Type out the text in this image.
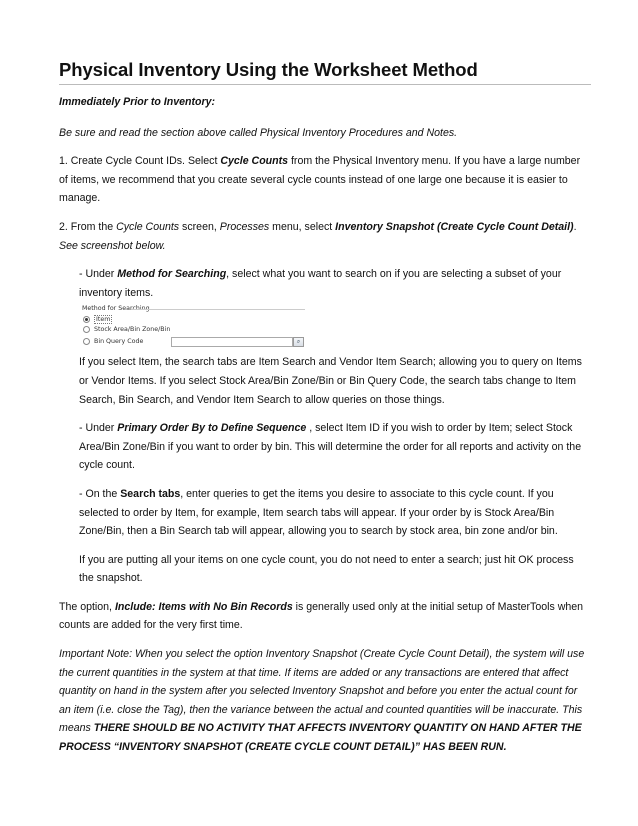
Physical Inventory Using the Worksheet Method

Immediately Prior to Inventory:

Be sure and read the section above called Physical Inventory Procedures and Notes.

1. Create Cycle Count IDs. Select Cycle Counts from the Physical Inventory menu. If you have a large number of items, we recommend that you create several cycle counts instead of one large one because it is easier to manage.

2. From the Cycle Counts screen, Processes menu, select Inventory Snapshot (Create Cycle Count Detail).
See screenshot below.

- Under Method for Searching, select what you want to search on if you are selecting a subset of your inventory items.

Method for Searching
Item
Stock Area/Bin Zone/Bin
Bin Query Code	⌕

If you select Item, the search tabs are Item Search and Vendor Item Search; allowing you to query on Items or Vendor Items. If you select Stock Area/Bin Zone/Bin or Bin Query Code, the search tabs change to Item Search, Bin Search, and Vendor Item Search to allow queries on those things.

- Under Primary Order By to Define Sequence , select Item ID if you wish to order by Item; select Stock Area/Bin Zone/Bin if you want to order by bin. This will determine the order for all reports and activity on the cycle count.

- On the Search tabs, enter queries to get the items you desire to associate to this cycle count. If you selected to order by Item, for example, Item search tabs will appear. If your order by is Stock Area/Bin Zone/Bin, then a Bin Search tab will appear, allowing you to search by stock area, bin zone and/or bin.

If you are putting all your items on one cycle count, you do not need to enter a search; just hit OK process the snapshot.

The option, Include: Items with No Bin Records is generally used only at the initial setup of MasterTools when counts are added for the very first time.

Important Note: When you select the option Inventory Snapshot (Create Cycle Count Detail), the system will use the current quantities in the system at that time. If items are added or any transactions are entered that affect quantity on hand in the system after you selected Inventory Snapshot and before you enter the actual count for an item (i.e. close the Tag), then the variance between the actual and counted quantities will be inaccurate. This means THERE SHOULD BE NO ACTIVITY THAT AFFECTS INVENTORY QUANTITY ON HAND AFTER THE PROCESS “INVENTORY SNAPSHOT (CREATE CYCLE COUNT DETAIL)” HAS BEEN RUN.
